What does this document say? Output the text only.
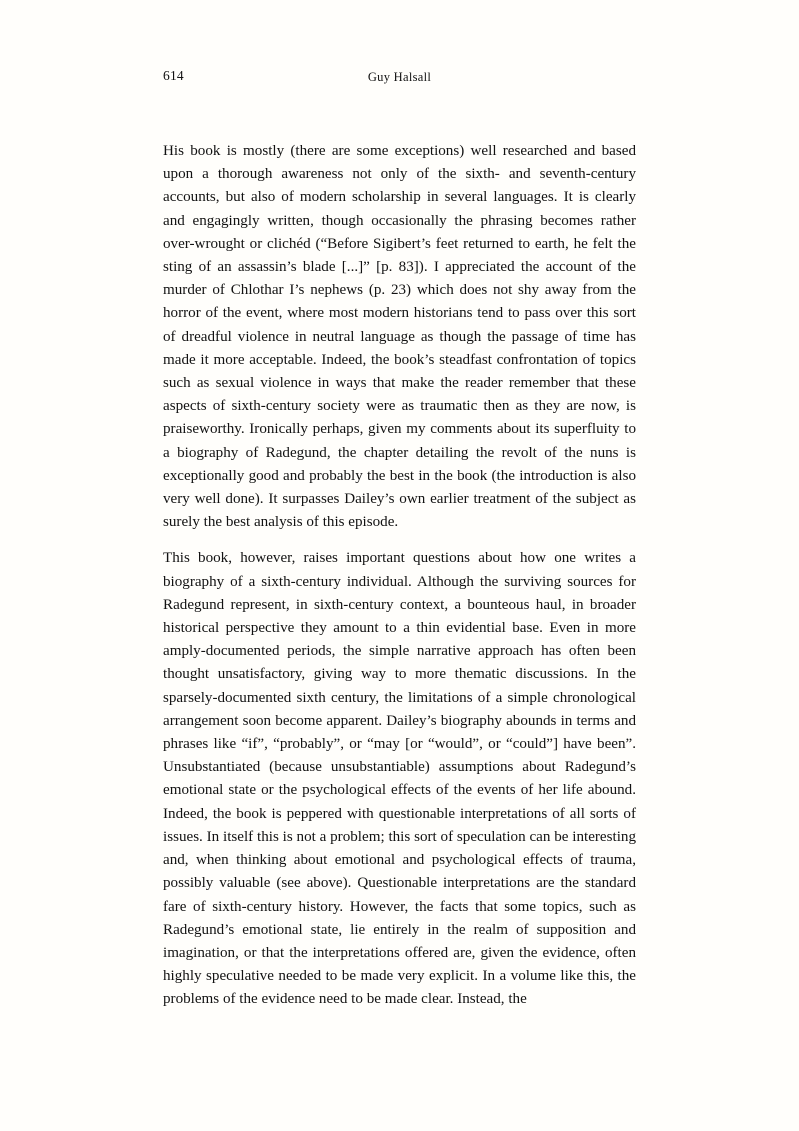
614	Guy Halsall

His book is mostly (there are some exceptions) well researched and based upon a thorough awareness not only of the sixth- and seventh-century accounts, but also of modern scholarship in several languages. It is clearly and engagingly written, though occasionally the phrasing becomes rather over-wrought or clichéd (“Before Sigibert’s feet returned to earth, he felt the sting of an assassin’s blade [...]” [p. 83]). I appreciated the account of the murder of Chlothar I’s nephews (p. 23) which does not shy away from the horror of the event, where most modern historians tend to pass over this sort of dreadful violence in neutral language as though the passage of time has made it more acceptable. Indeed, the book’s steadfast confrontation of topics such as sexual violence in ways that make the reader remember that these aspects of sixth-century society were as traumatic then as they are now, is praiseworthy. Ironically perhaps, given my comments about its superfluity to a biography of Radegund, the chapter detailing the revolt of the nuns is exceptionally good and probably the best in the book (the introduction is also very well done). It surpasses Dailey’s own earlier treatment of the subject as surely the best analysis of this episode.

This book, however, raises important questions about how one writes a biography of a sixth-century individual. Although the surviving sources for Radegund represent, in sixth-century context, a bounteous haul, in broader historical perspective they amount to a thin evidential base. Even in more amply-documented periods, the simple narrative approach has often been thought unsatisfactory, giving way to more thematic discussions. In the sparsely-documented sixth century, the limitations of a simple chronological arrangement soon become apparent. Dailey’s biography abounds in terms and phrases like “if”, “probably”, or “may [or “would”, or “could”] have been”. Unsubstantiated (because unsubstantiable) assumptions about Radegund’s emotional state or the psychological effects of the events of her life abound. Indeed, the book is peppered with questionable interpretations of all sorts of issues. In itself this is not a problem; this sort of speculation can be interesting and, when thinking about emotional and psychological effects of trauma, possibly valuable (see above). Questionable interpretations are the standard fare of sixth-century history. However, the facts that some topics, such as Radegund’s emotional state, lie entirely in the realm of supposition and imagination, or that the interpretations offered are, given the evidence, often highly speculative needed to be made very explicit. In a volume like this, the problems of the evidence need to be made clear. Instead, the
